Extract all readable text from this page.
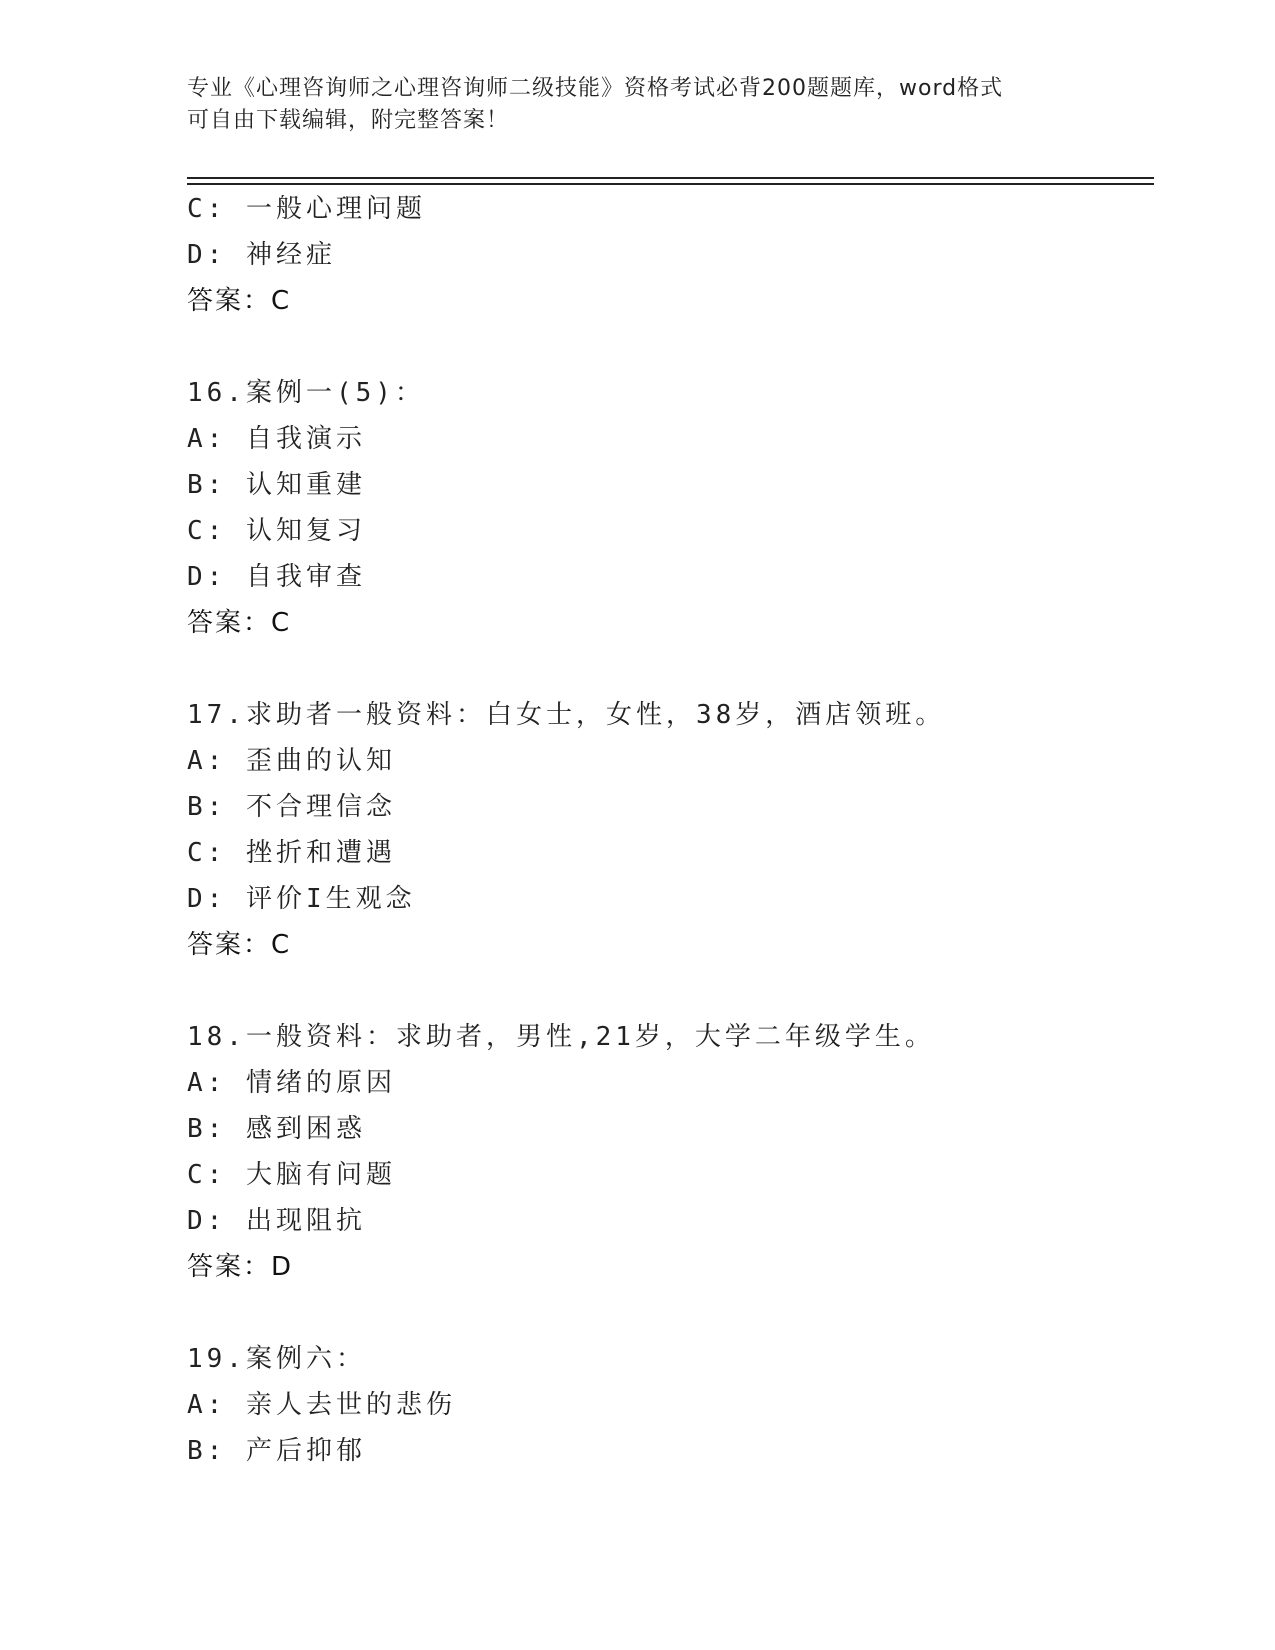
专业《心理咨询师之心理咨询师二级技能》资格考试必背200题题库，word格式
可自由下载编辑，附完整答案！
C: 一般心理问题
D: 神经症
答案：C
16.案例一(5)：
A: 自我演示
B: 认知重建
C: 认知复习
D: 自我审查
答案：C
17.求助者一般资料：白女士，女性，38岁，酒店领班。
A: 歪曲的认知
B: 不合理信念
C: 挫折和遭遇
D: 评价I生观念
答案：C
18.一般资料：求助者，男性,21岁，大学二年级学生。
A: 情绪的原因
B: 感到困惑
C: 大脑有问题
D: 出现阻抗
答案：D
19.案例六：
A: 亲人去世的悲伤
B: 产后抑郁
